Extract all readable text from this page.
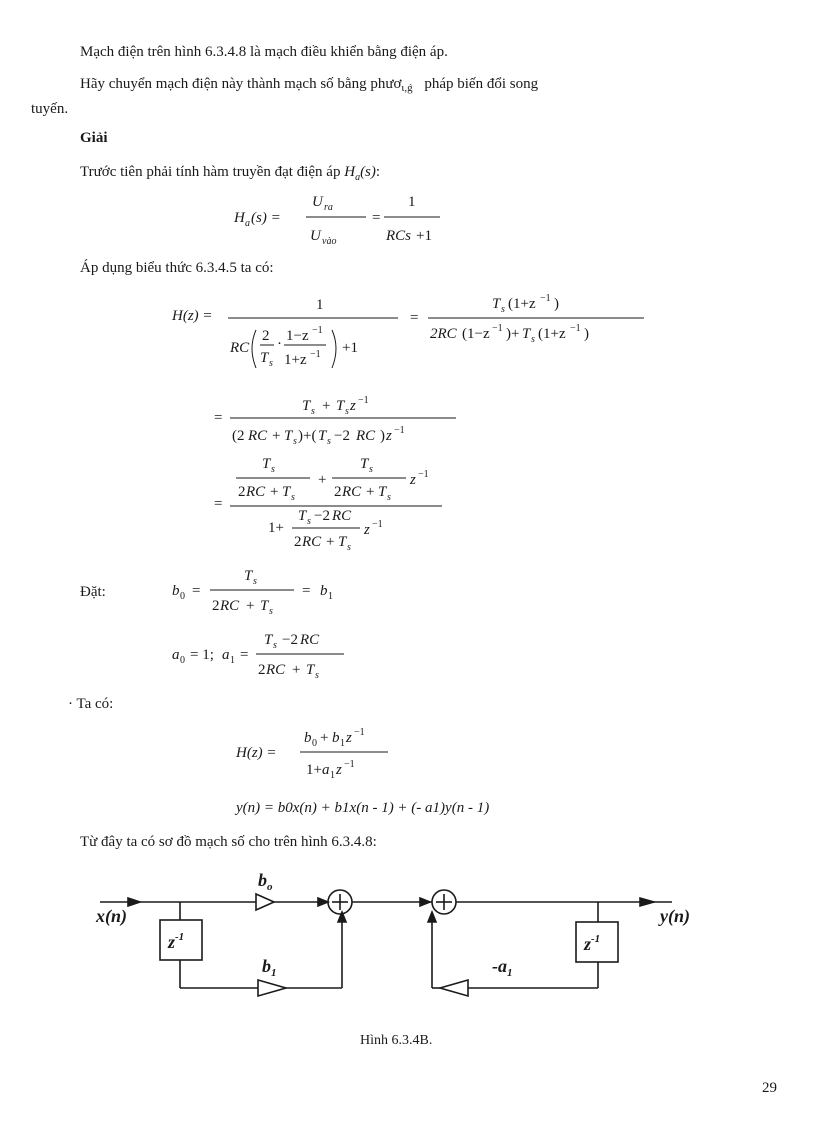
Mạch điện trên hình 6.3.4.8 là mạch điều khiển bằng điện áp.
Hãy chuyển mạch điện này thành mạch số bằng phươ$_{ɩ,ǵ}$ pháp biến đổi song
tuyến.
Giải
Trước tiên phải tính hàm truyền đạt điện áp $H_a(s)$:
Áp dụng biểu thức 6.3.4.5 ta có:
Đặt:
· Ta có:
Từ đây ta có sơ đồ mạch số cho trên hình 6.3.4.8:
H a (s) =
U ra
U vào
=
1
RCs +1
H(z) =
1
RC
2
T s
· 1−z −1
1+z −1 +1
=
T s (1+z −1 )
2RC (1−z −1 )+ T s (1+z −1 )
=
T s + T s z −1
(2 RC + T s )+( T s −2 RC ) z −1
=
T s
2 RC + T s
+
T s
2 RC + T s
z −1
1+
T s −2 RC
2 RC + T s
z −1
b 0 =
T s
2 RC + T s
= b 1
a 0 = 1; a 1 =
T s −2 RC
2 RC + T s
H(z) =
b 0 + b 1 z −1
1+ a 1 z −1
y(n) = b0x(n) + b1x(n - 1) + (- a1)y(n - 1)
x(n)	y(n)
$b_o$
$b_1$	$-a_1$
$z^{-1}$	$z^{-1}$
Hình 6.3.4B.
29
